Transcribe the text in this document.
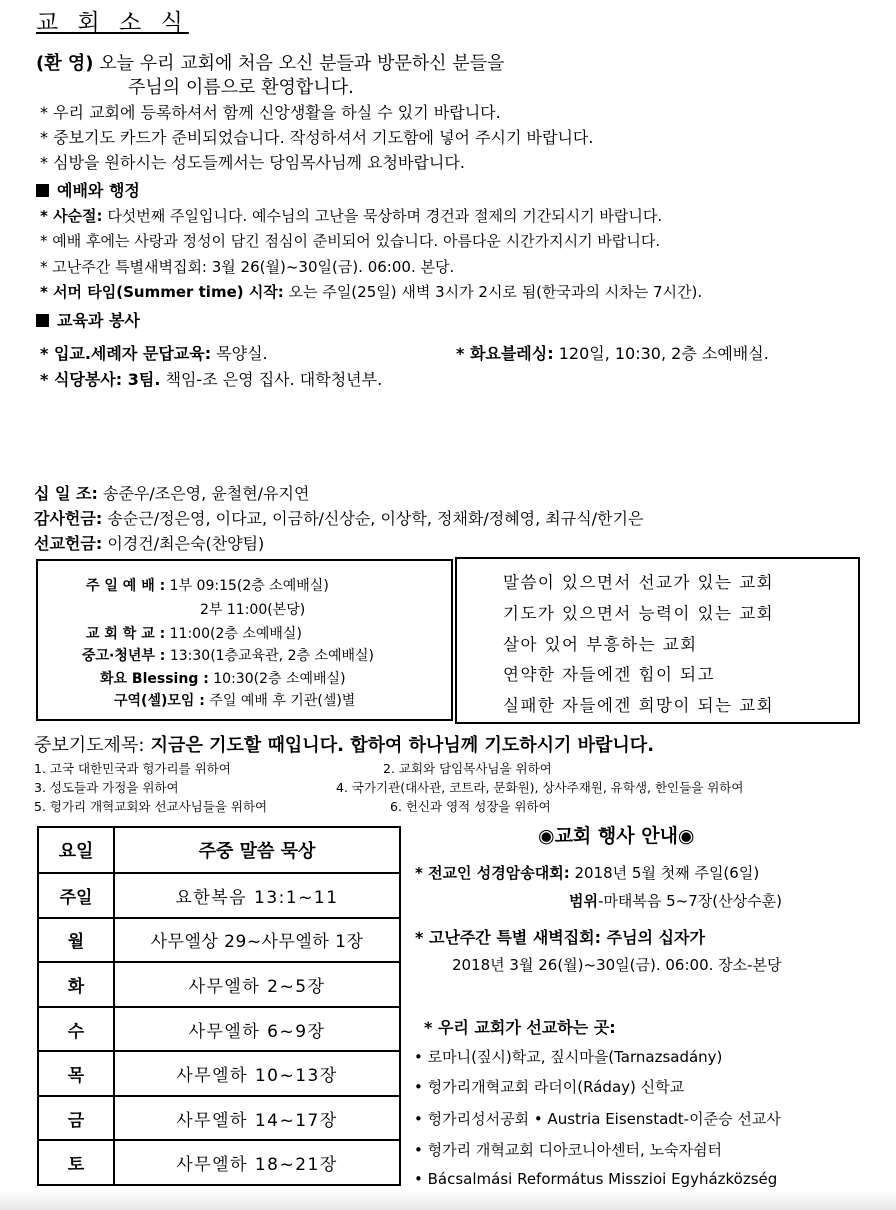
교 회 소 식
(환 영) 오늘 우리 교회에 처음 오신 분들과 방문하신 분들을
주님의 이름으로 환영합니다.
* 우리 교회에 등록하셔서 함께 신앙생활을 하실 수 있기 바랍니다.
* 중보기도 카드가 준비되었습니다. 작성하셔서 기도함에 넣어 주시기 바랍니다.
* 심방을 원하시는 성도들께서는 당임목사님께 요청바랍니다.
예배와 행정
* 사순절: 다섯번째 주일입니다. 예수님의 고난을 묵상하며 경건과 절제의 기간되시기 바랍니다.
* 예배 후에는 사랑과 정성이 담긴 점심이 준비되어 있습니다. 아름다운 시간가지시기 바랍니다.
* 고난주간 특별새벽집회: 3월 26(월)~30일(금). 06:00. 본당.
* 서머 타임(Summer time) 시작: 오는 주일(25일) 새벽 3시가 2시로 됨(한국과의 시차는 7시간).
교육과 봉사
* 입교.세례자 문답교육: 목양실.	* 화요블레싱: 120일, 10:30, 2층 소예배실.
* 식당봉사: 3팀. 책임-조 은영 집사. 대학청년부.
십 일 조: 송준우/조은영, 윤철현/유지연
감사헌금: 송순근/정은영, 이다교, 이금하/신상순, 이상학, 정채화/정혜영, 최규식/한기은
선교헌금: 이경건/최은숙(찬양팀)
주 일 예 배 : 1부 09:15(2층 소예배실)
2부 11:00(본당)
교 회 학 교 : 11:00(2층 소예배실)
중고·청년부 : 13:30(1층교육관, 2층 소예배실)
화요 Blessing : 10:30(2층 소예배실)
구역(셀)모임 : 주일 예배 후 기관(셀)별
말씀이 있으면서 선교가 있는 교회
기도가 있으면서 능력이 있는 교회
살아 있어 부흥하는 교회
연약한 자들에겐 힘이 되고
실패한 자들에겐 희망이 되는 교회
중보기도제목: 지금은 기도할 때입니다. 합하여 하나님께 기도하시기 바랍니다.
1. 고국 대한민국과 헝가리를 위하여	2. 교회와 담임목사님을 위하여
3. 성도들과 가정을 위하여	4. 국가기관(대사관, 코트라, 문화원), 상사주재원, 유학생, 한인들을 위하여
5. 헝가리 개혁교회와 선교사님들을 위하여	6. 헌신과 영적 성장을 위하여
요일	주중 말씀 묵상
주일	요한복음 13:1~11
월	사무엘상 29~사무엘하 1장
화	사무엘하 2~5장
수	사무엘하 6~9장
목	사무엘하 10~13장
금	사무엘하 14~17장
토	사무엘하 18~21장
◉교회 행사 안내◉
* 전교인 성경암송대회: 2018년 5월 첫째 주일(6일)
범위-마태복음 5~7장(산상수훈)
* 고난주간 특별 새벽집회: 주님의 십자가
2018년 3월 26(월)~30일(금). 06:00. 장소-본당
* 우리 교회가 선교하는 곳:
• 로마니(짚시)학교, 짚시마을(Tarnazsadány)
• 헝가리개혁교회 라더이(Ráday) 신학교
• 헝가리성서공회 • Austria Eisenstadt-이준승 선교사
• 헝가리 개혁교회 디아코니아센터, 노숙자쉼터
• Bácsalmási Református Misszioi Egyházközség
